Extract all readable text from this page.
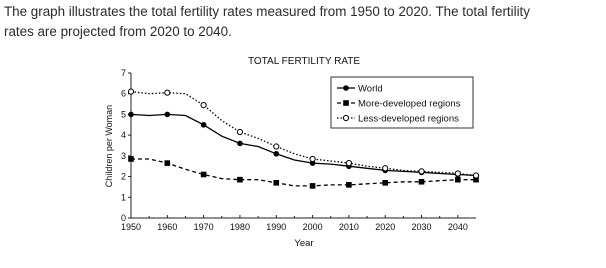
The graph illustrates the total fertility rates measured from 1950 to 2020. The total fertility
rates are projected from 2020 to 2040.
TOTAL FERTILITY RATE
Children per Woman
Year
0
1
2
3
4
5
6
7
1950 1960 1970 1980 1990 2000 2010 2020 2030 2040
World
More-developed regions
Less-developed regions
